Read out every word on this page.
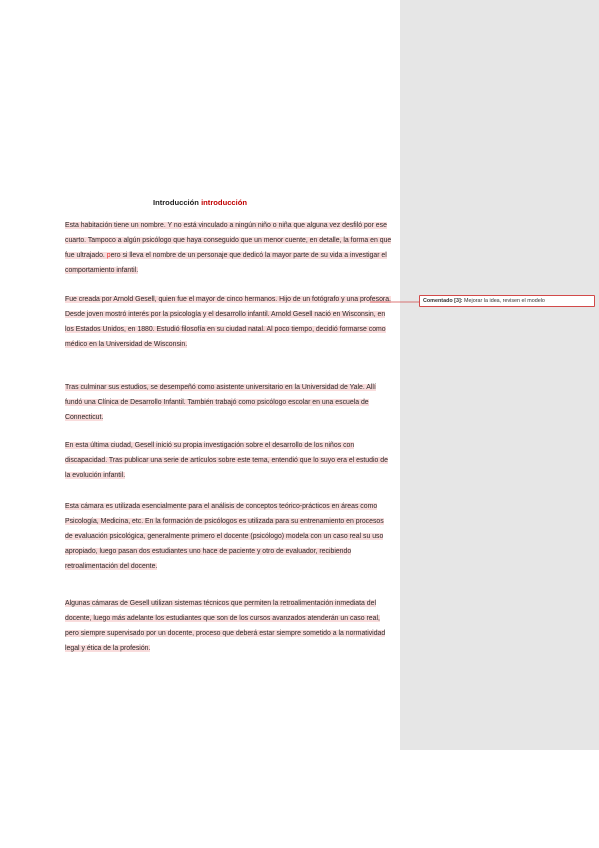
Introducción introducción
Esta habitación tiene un nombre. Y no está vinculado a ningún niño o niña que alguna vez desfiló por ese cuarto. Tampoco a algún psicólogo que haya conseguido que un menor cuente, en detalle, la forma en que fue ultrajado. pero si lleva el nombre de un personaje que dedicó la mayor parte de su vida a investigar el comportamiento infantil.
Fue creada por Arnold Gesell, quien fue el mayor de cinco hermanos. Hijo de un fotógrafo y una profesora. Desde joven mostró interés por la psicología y el desarrollo infantil. Arnold Gesell nació en Wisconsin, en los Estados Unidos, en 1880. Estudió filosofía en su ciudad natal. Al poco tiempo, decidió formarse como médico en la Universidad de Wisconsin.
Tras culminar sus estudios, se desempeñó como asistente universitario en la Universidad de Yale. Allí fundó una Clínica de Desarrollo Infantil. También trabajó como psicólogo escolar en una escuela de Connecticut.
En esta última ciudad, Gesell inició su propia investigación sobre el desarrollo de los niños con discapacidad. Tras publicar una serie de artículos sobre este tema, entendió que lo suyo era el estudio de la evolución infantil.
Esta cámara es utilizada esencialmente para el análisis de conceptos teórico-prácticos en áreas como Psicología, Medicina, etc. En la formación de psicólogos es utilizada para su entrenamiento en procesos de evaluación psicológica, generalmente primero el docente (psicólogo) modela con un caso real su uso apropiado, luego pasan dos estudiantes uno hace de paciente y otro de evaluador, recibiendo retroalimentación del docente.
Algunas cámaras de Gesell utilizan sistemas técnicos que permiten la retroalimentación inmediata del docente, luego más adelante los estudiantes que son de los cursos avanzados atenderán un caso real, pero siempre supervisado por un docente, proceso que deberá estar siempre sometido a la normatividad legal y ética de la profesión.
Comentado [3]: Mejorar la idea, revisen el modelo
